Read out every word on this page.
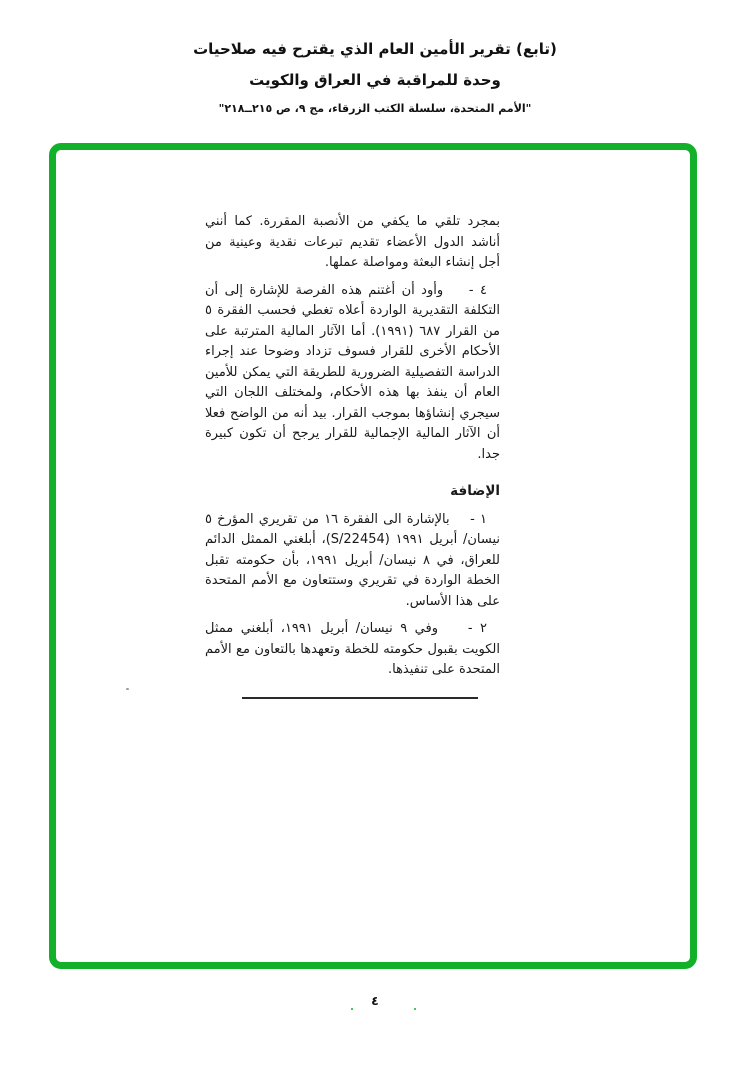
(تابع) تقرير الأمين العام الذي يقترح فيه صلاحيات
وحدة للمراقبة في العراق والكويت
"الأمم المتحدة، سلسلة الكتب الزرقاء، مج ٩، ص ٢١٥ــ٢١٨"

بمجرد تلقي ما يكفي من الأنصبة المقررة. كما أنني أناشد الدول الأعضاء تقديم تبرعات نقدية وعينية من أجل إنشاء البعثة ومواصلة عملها.

٤ -    وأود أن أغتنم هذه الفرصة للإشارة إلى أن التكلفة التقديرية الواردة أعلاه تغطي فحسب الفقرة ٥ من القرار ٦٨٧ (١٩٩١). أما الآثار المالية المترتبة على الأحكام الأخرى للقرار فسوف تزداد وضوحا عند إجراء الدراسة التفصيلية الضرورية للطريقة التي يمكن للأمين العام أن ينفذ بها هذه الأحكام، ولمختلف اللجان التي سيجري إنشاؤها بموجب القرار. بيد أنه من الواضح فعلا أن الآثار المالية الإجمالية للقرار يرجح أن تكون كبيرة جدا.

الإضافة

١ -    بالإشارة الى الفقرة ١٦ من تقريري المؤرخ ٥ نيسان/ أبريل ١٩٩١ (S/22454)، أبلغني الممثل الدائم للعراق، في ٨ نيسان/ أبريل ١٩٩١، بأن حكومته تقبل الخطة الواردة في تقريري وستتعاون مع الأمم المتحدة على هذا الأساس.

٢ -    وفي ٩ نيسان/ أبريل ١٩٩١، أبلغني ممثل الكويت بقبول حكومته للخطة وتعهدها بالتعاون مع الأمم المتحدة على تنفيذها.

٤
